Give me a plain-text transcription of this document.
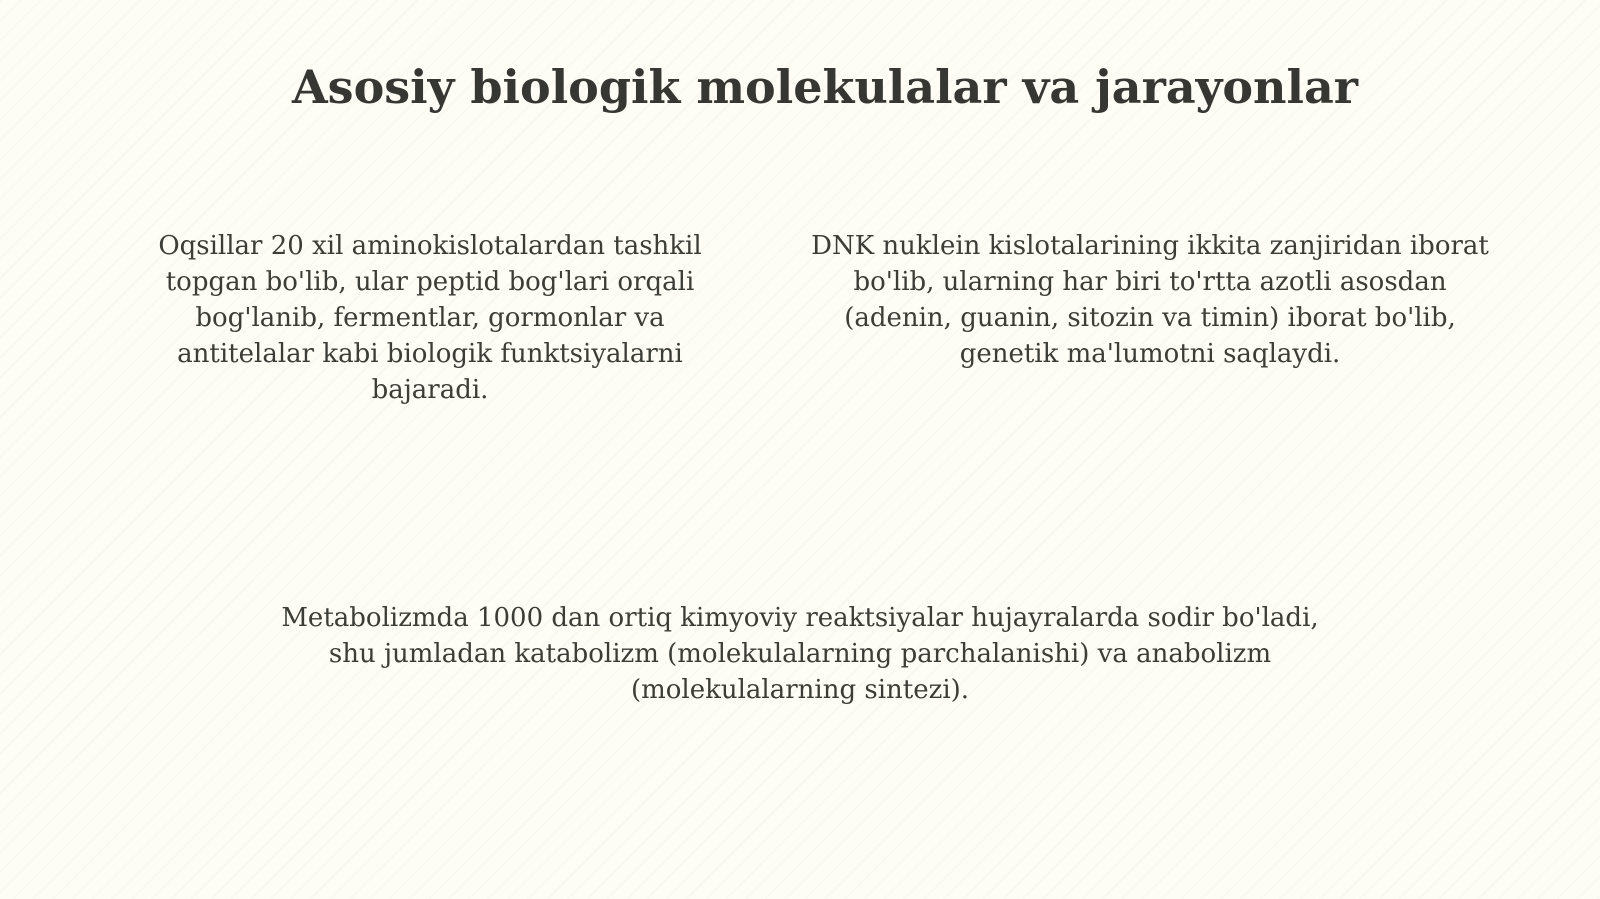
Asosiy biologik molekulalar va jarayonlar

Oqsillar 20 xil aminokislotalardan tashkil topgan bo'lib, ular peptid bog'lari orqali bog'lanib, fermentlar, gormonlar va antitelalar kabi biologik funktsiyalarni bajaradi.

DNK nuklein kislotalarining ikkita zanjiridan iborat bo'lib, ularning har biri to'rtta azotli asosdan (adenin, guanin, sitozin va timin) iborat bo'lib, genetik ma'lumotni saqlaydi.

Metabolizmda 1000 dan ortiq kimyoviy reaktsiyalar hujayralarda sodir bo'ladi, shu jumladan katabolizm (molekulalarning parchalanishi) va anabolizm (molekulalarning sintezi).
